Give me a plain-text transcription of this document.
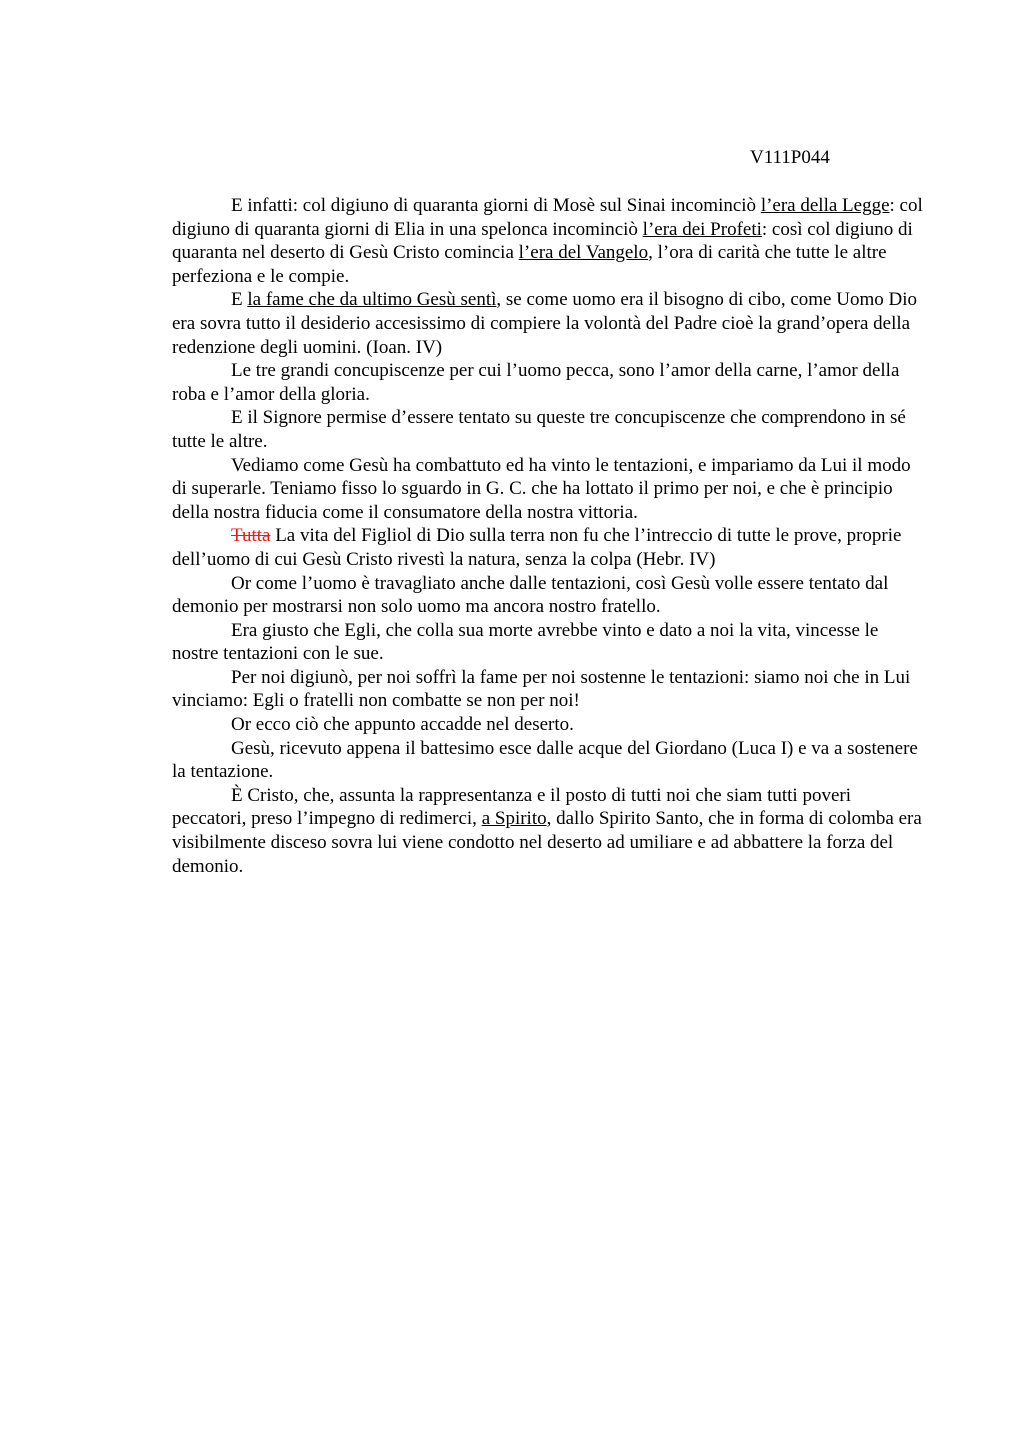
V111P044

E infatti: col digiuno di quaranta giorni di Mosè sul Sinai incominciò l’era della Legge: col digiuno di quaranta giorni di Elia in una spelonca incominciò l’era dei Profeti: così col digiuno di quaranta nel deserto di Gesù Cristo comincia l’era del Vangelo, l’ora di carità che tutte le altre perfeziona e le compie.

E la fame che da ultimo Gesù sentì, se come uomo era il bisogno di cibo, come Uomo Dio era sovra tutto il desiderio accesissimo di compiere la volontà del Padre cioè la grand’opera della redenzione degli uomini. (Ioan. IV)

Le tre grandi concupiscenze per cui l’uomo pecca, sono l’amor della carne, l’amor della roba e l’amor della gloria.

E il Signore permise d’essere tentato su queste tre concupiscenze che comprendono in sé tutte le altre.

Vediamo come Gesù ha combattuto ed ha vinto le tentazioni, e impariamo da Lui il modo di superarle. Teniamo fisso lo sguardo in G. C. che ha lottato il primo per noi, e che è principio della nostra fiducia come il consumatore della nostra vittoria.

Tutta La vita del Figliol di Dio sulla terra non fu che l’intreccio di tutte le prove, proprie dell’uomo di cui Gesù Cristo rivestì la natura, senza la colpa (Hebr. IV)

Or come l’uomo è travagliato anche dalle tentazioni, così Gesù volle essere tentato dal demonio per mostrarsi non solo uomo ma ancora nostro fratello.

Era giusto che Egli, che colla sua morte avrebbe vinto e dato a noi la vita, vincesse le nostre tentazioni con le sue.

Per noi digiunò, per noi soffrì la fame per noi sostenne le tentazioni: siamo noi che in Lui vinciamo: Egli o fratelli non combatte se non per noi!

Or ecco ciò che appunto accadde nel deserto.

Gesù, ricevuto appena il battesimo esce dalle acque del Giordano (Luca I) e va a sostenere la tentazione.

È Cristo, che, assunta la rappresentanza e il posto di tutti noi che siam tutti poveri peccatori, preso l’impegno di redimerci, a Spirito, dallo Spirito Santo, che in forma di colomba era visibilmente disceso sovra lui viene condotto nel deserto ad umiliare e ad abbattere la forza del demonio.
